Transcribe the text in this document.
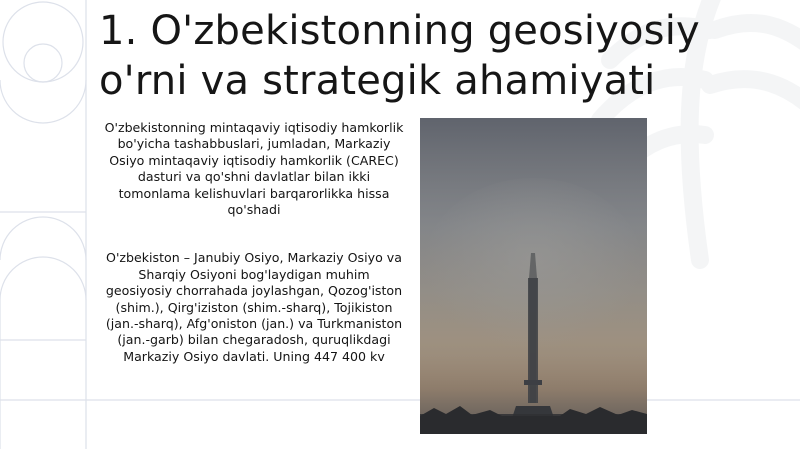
1. O'zbekistonning geosiyosiy
o'rni va strategik ahamiyati

O'zbekistonning mintaqaviy iqtisodiy hamkorlik bo'yicha tashabbuslari, jumladan, Markaziy Osiyo mintaqaviy iqtisodiy hamkorlik (CAREC) dasturi va qo'shni davlatlar bilan ikki tomonlama kelishuvlari barqarorlikka hissa qo'shadi

O'zbekiston – Janubiy Osiyo, Markaziy Osiyo va Sharqiy Osiyoni bog'laydigan muhim geosiyosiy chorrahada joylashgan, Qozog'iston (shim.), Qirg'iziston (shim.-sharq), Tojikiston (jan.-sharq), Afg'oniston (jan.) va Turkmaniston (jan.-garb) bilan chegaradosh, quruqlikdagi Markaziy Osiyo davlati. Uning 447 400 kv
